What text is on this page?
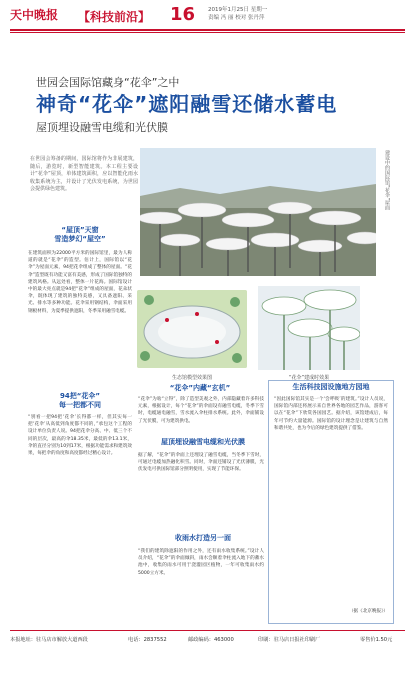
天中晚报 【科技前沿】 16 2019年1月25日 星期一
责编 冯 丽 校对 张丹萍
世园会国际馆藏身“花伞”之中
神奇“花伞”遮阳融雪还储水蓄电
屋顶埋设融雪电缆和光伏膜
在世园会筹备的期间，国际馆将作为非展建筑，随后，游览时，新型智能建筑。本工程主要设计“花伞”屋顶，单体建筑面积，应以智能化雨水收集系统为主，并设计了光伏发电系统，为世园会提供绿色建筑。	建设中的国际馆“花伞”屋面
“屋顶”天窗
雪造梦幻“屋空”
在建筑面积为22000平方米的国际馆里，最为人称道的就是“花伞”的造型。估计上，国际馆以“花伞”为屋面元素，94把花伞组成了整体的屋面。“花伞”造型既有功能又富有美感，形成了国际馆独特的建筑风格。从远处看，整体一片花海。国际馆设计中的最大亮点就是94把“花伞”组成的屋面，花朵状伞，既体现了建筑的独特美感，又具备遮阳、采光、排水等多种功能。花伞采用钢结构，伞面采用钢板材料，为夏季提供遮阳，冬季采用融雪电缆。
94把“花伞”
每一把都不同
“别看一把94把‘花伞’长得都一样，但其实每一把‘花伞’从高低到角度都不同的，”承包这个工程的设计单位负责人说。94把花伞分高、中、低三个不同的层次，最高的伞18.35米，最低的伞13.1米，伞的直径分别为10到17米，根据功能需求和建筑效果，每把伞的角度和高度都经过精心设计。
生态馆模型效果图	“花伞”建成时效果
“花伞”内藏“玄机”
“花伞”为啥“立得”，除了造型美观之外，内部隐藏着许多科技元素，根据设计，每个“花伞”的伞面设有融雪电缆，冬季下雪时，电缆通电融雪，雪水流入伞柱排水系统。此外，伞面铺设了光伏膜，可为建筑供电。
屋顶埋设融雪电缆和光伏膜
据了解，“花伞”的伞面上还埋设了融雪电缆，当冬季下雪时，可通过电缆加热融化积雪。同时，伞面还铺设了光伏薄膜，光伏发电可供国际馆部分照明使用，实现了节能环保。
收雨水打造另一面
“我们的建筑除遮阳的作用之外，还有雨水收集系统。”设计人员介绍，“花伞”的伞面倾斜，雨水会顺着伞柱流入地下的蓄水池中，收集的雨水可用于浇灌园区植物，一年可收集雨水约5000立方米。
生活科技园设施地方园地
“因此国际馆其实是一个‘会呼吸’的建筑。”设计人员说，国际馆内部还将展示来自世界各地的园艺作品，游客可以在“花伞”下欣赏各国园艺。据介绍，该馆建成后，每年可节约大量能源。国际馆的设计理念是让建筑与自然和谐共处，也为今后的绿色建筑提供了借鉴。
（据《北京晚报》）
本报地址：驻马店市解放大道西段	电话：2837552	邮政编码：463000	印刷：驻马店日报社印刷厂	零售价1.50元
